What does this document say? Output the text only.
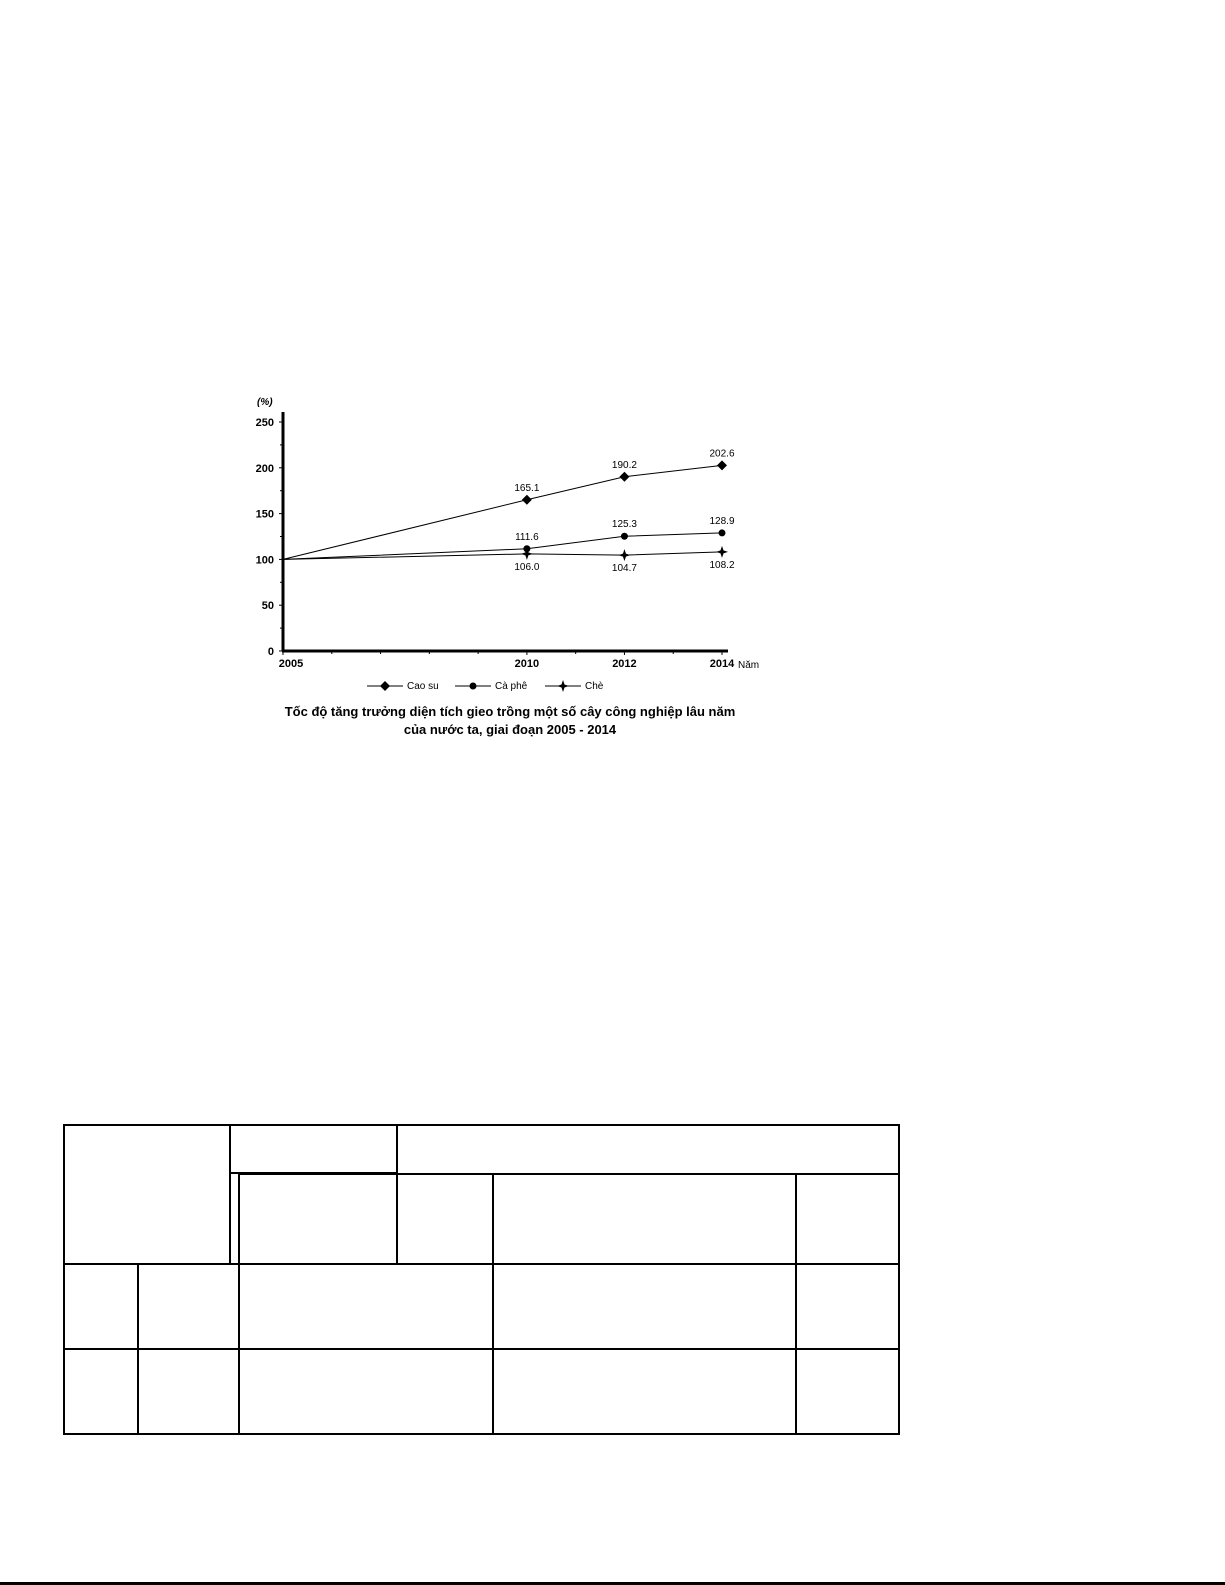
0
50
100
150
200
250
2005	2010	2012	2014
(%)
Năm
165.1
190.2
202.6
111.6
125.3	128.9
106.0	104.7	108.2
Cao su	Cà phê	Chè
Tốc độ tăng trưởng diện tích gieo trồng một số cây công nghiệp lâu năm
của nước ta, giai đoạn 2005 - 2014
